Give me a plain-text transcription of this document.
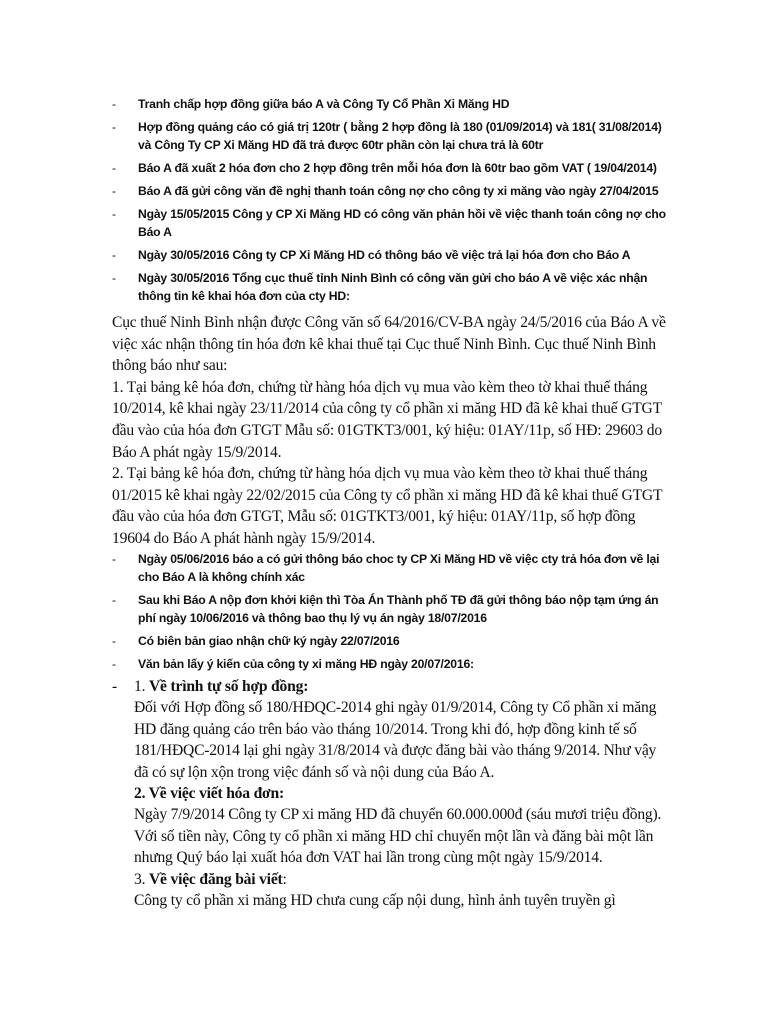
- Tranh chấp hợp đồng giữa báo A và Công Ty Cổ Phần Xi Măng HD
- Hợp đồng quảng cáo có giá trị 120tr ( bằng 2 hợp đồng là 180 (01/09/2014) và 181( 31/08/2014) và Công Ty CP Xi Măng HD đã trả được 60tr phần còn lại chưa trả là 60tr
- Báo A đã xuất 2 hóa đơn cho 2 hợp đồng trên mỗi hóa đơn là 60tr bao gồm VAT ( 19/04/2014)
- Báo A đã gửi công văn đề nghị thanh toán công nợ cho công ty xi măng vào ngày 27/04/2015
- Ngày 15/05/2015 Công y CP Xi Măng HD có công văn phản hồi về việc thanh toán công nợ cho Báo A
- Ngày 30/05/2016 Công ty CP Xi Măng HD có thông báo về việc trả lại hóa đơn cho Báo A
- Ngày 30/05/2016 Tổng cục thuế tỉnh Ninh Bình có công văn gửi cho báo A về việc xác nhận thông tin kê khai hóa đơn của cty HD:

Cục thuế Ninh Bình nhận được Công văn số 64/2016/CV-BA ngày 24/5/2016 của Báo A về việc xác nhận thông tin hóa đơn kê khai thuế tại Cục thuế Ninh Bình. Cục thuế Ninh Bình thông báo như sau:

1. Tại bảng kê hóa đơn, chứng từ hàng hóa dịch vụ mua vào kèm theo tờ khai thuế tháng 10/2014, kê khai ngày 23/11/2014 của công ty cổ phần xi măng HD đã kê khai thuế GTGT đầu vào của hóa đơn GTGT Mẫu số: 01GTKT3/001, ký hiệu: 01AY/11p, số HĐ: 29603 do Báo A phát ngày 15/9/2014.

2. Tại bảng kê hóa đơn, chứng từ hàng hóa dịch vụ mua vào kèm theo tờ khai thuế tháng 01/2015 kê khai ngày 22/02/2015 của Công ty cổ phần xi măng HD đã kê khai thuế GTGT đầu vào của hóa đơn GTGT, Mẫu số: 01GTKT3/001, ký hiệu: 01AY/11p, số hợp đồng 19604 do Báo A phát hành ngày 15/9/2014.

- Ngày 05/06/2016 báo a có gửi thông báo choc ty CP Xi Măng HD về việc cty trả hóa đơn về lại cho Báo A là không chính xác
- Sau khi Báo A nộp đơn khởi kiện thì Tòa Án Thành phố TĐ đã gửi thông báo nộp tạm ứng án phí ngày 10/06/2016 và thông bao thụ lý vụ án ngày 18/07/2016
- Có biên bản giao nhận chữ ký ngày 22/07/2016
- Văn bản lấy ý kiến của công ty xi măng HĐ ngày 20/07/2016:
- 1. Về trình tự số hợp đồng:

Đối với Hợp đồng số 180/HĐQC-2014 ghi ngày 01/9/2014, Công ty Cổ phần xi măng HD đăng quảng cáo trên báo vào tháng 10/2014. Trong khi đó, hợp đồng kinh tế số 181/HĐQC-2014 lại ghi ngày 31/8/2014 và được đăng bài vào tháng 9/2014. Như vậy đã có sự lộn xộn trong việc đánh số và nội dung của Báo A.

2. Về việc viết hóa đơn:

Ngày 7/9/2014 Công ty CP xi măng HD đã chuyển 60.000.000đ (sáu mươi triệu đồng). Với số tiền này, Công ty cổ phần xi măng HD chỉ chuyển một lần và đăng bài một lần nhưng Quý báo lại xuất hóa đơn VAT hai lần trong cùng một ngày 15/9/2014.

3. Về việc đăng bài viết:

Công ty cổ phần xi măng HD chưa cung cấp nội dung, hình ảnh tuyên truyền gì
